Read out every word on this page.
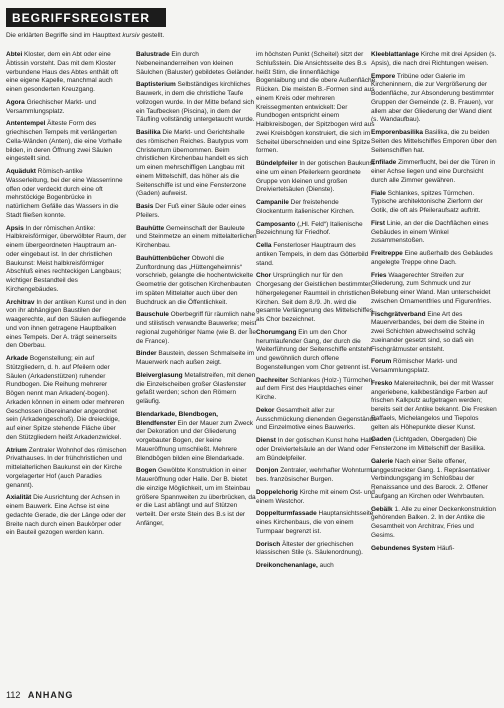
BEGRIFFSREGISTER
Die erklärten Begriffe sind im Haupttext kursiv gestellt.

Abtei Kloster, dem ein Abt oder eine Äbtissin vorsteht. Das mit dem Kloster verbundene Haus des Abtes enthält oft eine eigene Kapelle, manchmal auch einen gesonderten Kreuzgang.

Agora Griechischer Markt- und Versammlungsplatz.

Antentempel Älteste Form des griechischen Tempels mit verlängerten Cella-Wänden (Anten), die eine Vorhalle bilden, in deren Öffnung zwei Säulen eingestellt sind.

Aquädukt Römisch-antike Wasserleitung, bei der eine Wasserrinne offen oder verdeckt durch eine oft mehrstöckige Bogenbrücke in natürlichem Gefälle das Wassers in die Stadt fließen konnte.

Apsis In der römischen Antike: Halbkreisförmiger, überwölbter Raum, der einem übergeordneten Hauptraum an- oder eingebaut ist. In der christlichen Baukunst: Meist halbkreisförmiger Abschluß eines rechteckigen Langbaus; wichtiger Bestandteil des Kirchengebäudes.

Architrav In der antiken Kunst und in den von ihr abhängigen Baustilen der waagerechte, auf den Säulen aufliegende und von ihnen getragene Hauptbalken eines Tempels. Der A. trägt seinerseits den Oberbau.

Arkade Bogenstellung; ein auf Stützgliedern, d. h. auf Pfeilern oder Säulen (Arkadenstützen) ruhender Rundbogen. Die Reihung mehrerer Bögen nennt man Arkaden(-bogen). Arkaden können in einem oder mehreren Geschossen übereinander angeordnet sein (Arkadengeschoß). Die dreieckige, auf einer Spitze stehende Fläche über den Stützgliedern heißt Arkadenzwickel.

Atrium Zentraler Wohnhof des römischen Privathauses. In der frühchristlichen und mittelalterlichen Baukunst ein der Kirche vorgelagerter Hof (auch Paradies genannt).

Axialität Die Ausrichtung der Achsen in einem Bauwerk. Eine Achse ist eine gedachte Gerade, die der Länge oder der Breite nach durch einen Baukörper oder ein Bauteil gezogen werden kann.

Balustrade Ein durch Nebeneinanderreihen von kleinen Säulchen (Baluster) gebildetes Geländer.

Baptisterium Selbständiges kirchliches Bauwerk, in dem die christliche Taufe vollzogen wurde. In der Mitte befand sich ein Taufbecken (Piscina), in dem der Täufling vollständig untergetaucht wurde.

Basilika Die Markt- und Gerichtshalle des römischen Reiches. Bautypus vom Christentum übernommen. Beim christlichen Kirchenbau handelt es sich um einen mehrschiffigen Langbau mit einem Mittelschiff, das höher als die Seitenschiffe ist und eine Fensterzone (Gaden) aufweist.

Basis Der Fuß einer Säule oder eines Pfeilers.

Bauhütte Gemeinschaft der Bauleute und Steinmetze an einem mittelalterlichen Kirchenbau.

Bauhüttenbücher Obwohl die Zunftordnung das „Hüttengeheimnis“ vorschrieb, gelangte die hochentwickelte Geometrie der gotischen Kirchenbauten im späten Mittelalter auch über den Buchdruck an die Öffentlichkeit.

Bauschule Oberbegriff für räumlich nahe und stilistisch verwandte Bauwerke; meist regional zugehöriger Name (wie B. der Île de France).

Binder Baustein, dessen Schmalseite im Mauerwerk nach außen zeigt.

Bleiverglasung Metallstreifen, mit denen die Einzelscheiben großer Glasfenster gefaßt werden; schon den Römern geläufig.

Blendarkade, Blendbogen, Blendfenster Ein der Mauer zum Zweck der Dekoration und der Gliederung vorgebauter Bogen, der keine Maueröffnung umschließt. Mehrere Blendbögen bilden eine Blendarkade.

Bogen Gewölbte Konstruktion in einer Maueröffnung oder Halle. Der B. bietet die einzige Möglichkeit, um im Steinbau größere Spannweiten zu überbrücken, da er die Last abfängt und auf Stützen verteilt. Der erste Stein des B.s ist der Anfänger,

im höchsten Punkt (Scheitel) sitzt der Schlußstein. Die Ansichtsseite des B.s heißt Stirn, die linnenflächige Bogenlaibung und die obere Außenfläche Rücken. Die meisten B.-Formen sind aus einem Kreis oder mehreren Kreissegmenten entwickelt: Der Rundbogen entspricht einem Halbkreisbogen, der Spitzbogen wird aus zwei Kreisbögen konstruiert, die sich im Scheitel überschneiden und eine Spitze formen.

Bündelpfeiler In der gotischen Baukunst eine um einen Pfeilerkern geordnete Gruppe von kleinen und großen Dreiviertelsäulen (Dienste).

Campanile Der freistehende Glockenturm italienischer Kirchen.

Camposanto („Hl. Feld“) Italienische Bezeichnung für Friedhof.

Cella Fensterloser Hauptraum des antiken Tempels, in dem das Götterbild stand.

Chor Ursprünglich nur für den Chorgesang der Geistlichen bestimmter, höhergelegener Raumteil in christlichen Kirchen. Seit dem 8./9. Jh. wird die gesamte Verlängerung des Mittelschiffes als Chor bezeichnet.

Chorumgang Ein um den Chor herumlaufender Gang, der durch die Weiterführung der Seitenschiffe entsteht und gewöhnlich durch offene Bogenstellungen vom Chor getrennt ist.

Dachreiter Schlankes (Holz-) Türmchen auf dem First des Hauptdaches einer Kirche.

Dekor Gesamtheit aller zur Ausschmückung dienenden Gegenstände und Einzelmotive eines Bauwerks.

Dienst In der gotischen Kunst hohe Halb- oder Dreiviertelsäule an der Wand oder am Bündelpfeiler.

Donjon Zentraler, wehrhafter Wohnturm, bes. französischer Burgen.

Doppelchorig Kirche mit einem Ost- und einem Westchor.

Doppelturmfassade Hauptansichtsseite eines Kirchenbaus, die von einem Turmpaar begrenzt ist.

Dorisch Ältester der griechischen klassischen Stile (s. Säulenordnung).

Dreikonchenanlage, auch

Kleeblattanlage Kirche mit drei Apsiden (s. Apsis), die nach drei Richtungen weisen.

Empore Tribüne oder Galerie im Kircheninnern, die zur Vergrößerung der Bodenfläche, zur Absonderung bestimmter Gruppen der Gemeinde (z. B. Frauen), vor allem aber der Gliederung der Wand dient (s. Wandaufbau).

Emporenbasilika Basilika, die zu beiden Seiten des Mittelschiffes Emporen über den Seitenschiffen hat.

Enfilade Zimmerflucht, bei der die Türen in einer Achse liegen und eine Durchsicht durch alle Zimmer gewähren.

Fiale Schlankes, spitzes Türmchen. Typische architektonische Zierform der Gotik, die oft als Pfeileraufsatz auftritt.

First Linie, an der die Dachflächen eines Gebäudes in einem Winkel zusammenstoßen.

Freitreppe Eine außerhalb des Gebäudes angelegte Treppe ohne Dach.

Fries Waagerechter Streifen zur Gliederung, zum Schmuck und zur Belebung einer Wand. Man unterscheidet zwischen Ornamentfries und Figurenfries.

Fischgrätverband Eine Art des Mauerverbandes, bei dem die Steine in zwei Schichten abwechselnd schräg zueinander gesetzt sind, so daß ein Fischgrätmuster entsteht.

Forum Römischer Markt- und Versammlungsplatz.

Fresko Malereitechnik, bei der mit Wasser angeriebene, kalkbeständige Farben auf frischen Kalkputz aufgetragen werden; bereits seit der Antike bekannt. Die Fresken Raffaels, Michelangelos und Tiepolos gelten als Höhepunkte dieser Kunst.

Gaden (Lichtgaden, Obergaden) Die Fensterzone im Mittelschiff der Basilika.

Galerie Nach einer Seite offener, langgestreckter Gang. 1. Repräsentativer Verbindungsgang im Schloßbau der Renaissance und des Barock. 2. Offener Laufgang an Kirchen oder Wehrbauten.

Gebälk 1. Alle zu einer Deckenkonstruktion gehörenden Balken. 2. In der Antike die Gesamtheit von Architrav, Fries und Gesims.

Gebundenes System Häufi-

112 ANHANG
